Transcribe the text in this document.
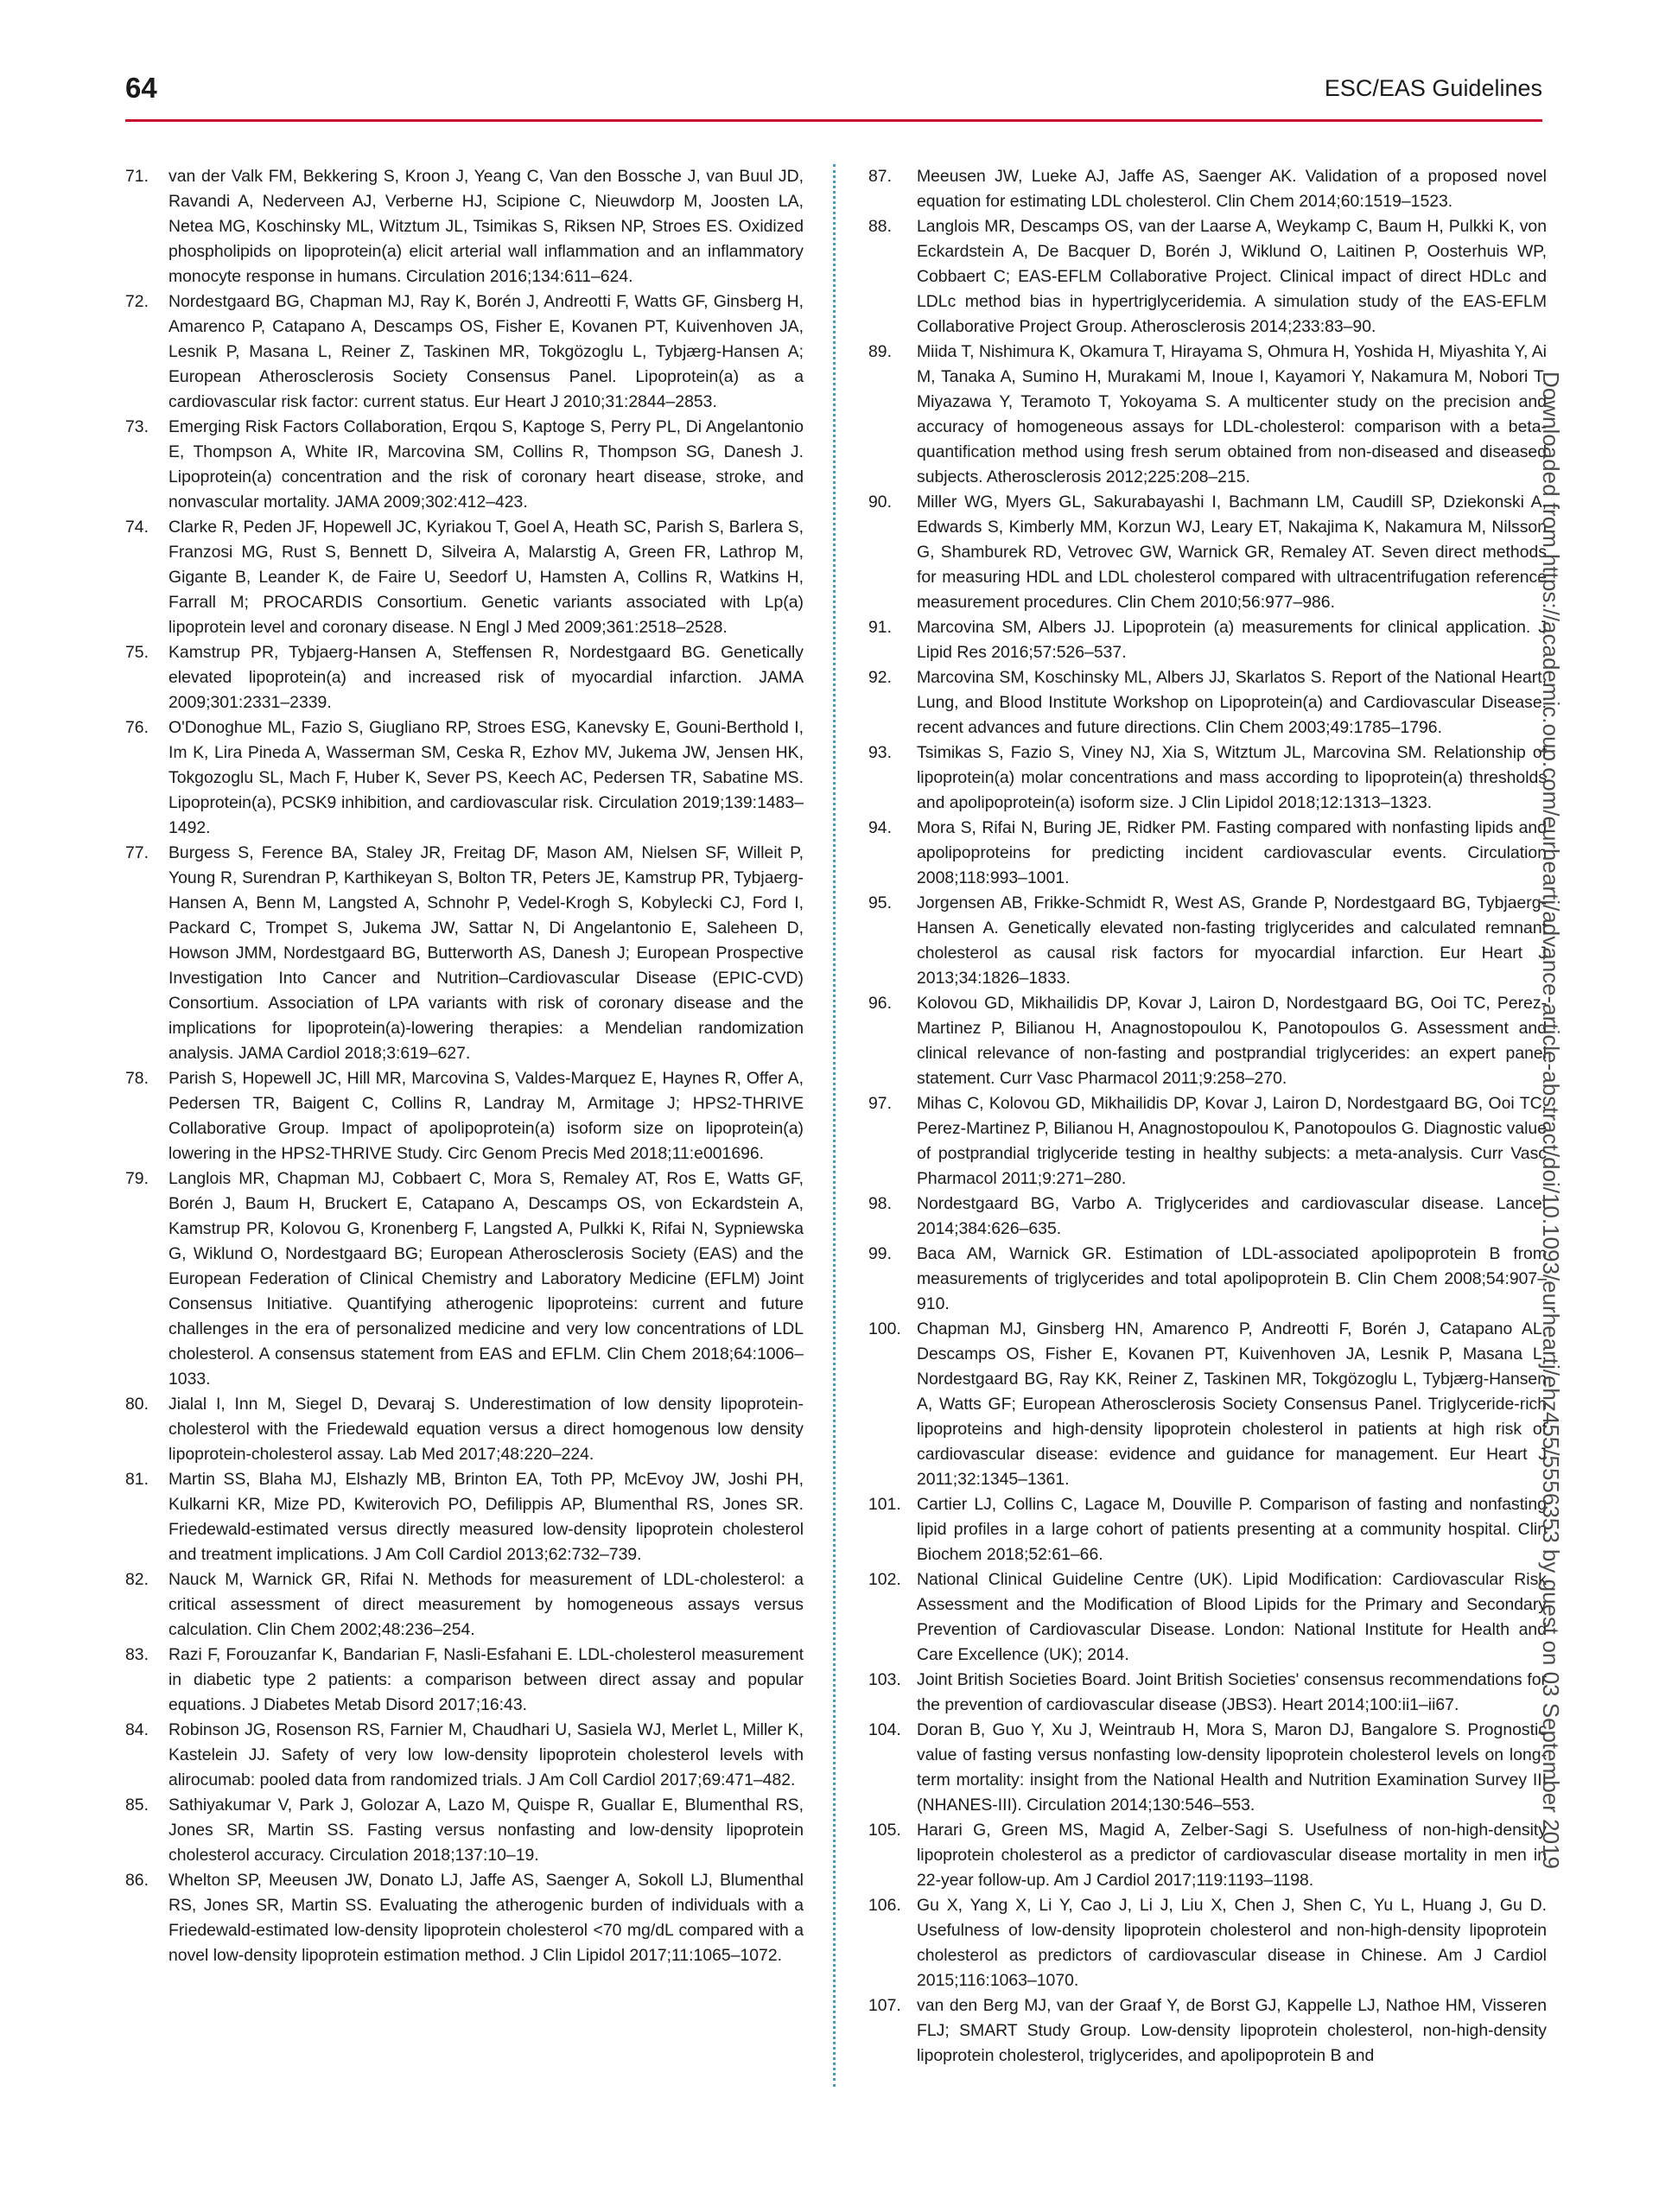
64	ESC/EAS Guidelines
71.	van der Valk FM, Bekkering S, Kroon J, Yeang C, Van den Bossche J, van Buul JD, Ravandi A, Nederveen AJ, Verberne HJ, Scipione C, Nieuwdorp M, Joosten LA, Netea MG, Koschinsky ML, Witztum JL, Tsimikas S, Riksen NP, Stroes ES. Oxidized phospholipids on lipoprotein(a) elicit arterial wall inflammation and an inflammatory monocyte response in humans. Circulation 2016;134:611–624.
72.	Nordestgaard BG, Chapman MJ, Ray K, Borén J, Andreotti F, Watts GF, Ginsberg H, Amarenco P, Catapano A, Descamps OS, Fisher E, Kovanen PT, Kuivenhoven JA, Lesnik P, Masana L, Reiner Z, Taskinen MR, Tokgözoglu L, Tybjærg-Hansen A; European Atherosclerosis Society Consensus Panel. Lipoprotein(a) as a cardiovascular risk factor: current status. Eur Heart J 2010;31:2844–2853.
73.	Emerging Risk Factors Collaboration, Erqou S, Kaptoge S, Perry PL, Di Angelantonio E, Thompson A, White IR, Marcovina SM, Collins R, Thompson SG, Danesh J. Lipoprotein(a) concentration and the risk of coronary heart disease, stroke, and nonvascular mortality. JAMA 2009;302:412–423.
74.	Clarke R, Peden JF, Hopewell JC, Kyriakou T, Goel A, Heath SC, Parish S, Barlera S, Franzosi MG, Rust S, Bennett D, Silveira A, Malarstig A, Green FR, Lathrop M, Gigante B, Leander K, de Faire U, Seedorf U, Hamsten A, Collins R, Watkins H, Farrall M; PROCARDIS Consortium. Genetic variants associated with Lp(a) lipoprotein level and coronary disease. N Engl J Med 2009;361:2518–2528.
75.	Kamstrup PR, Tybjaerg-Hansen A, Steffensen R, Nordestgaard BG. Genetically elevated lipoprotein(a) and increased risk of myocardial infarction. JAMA 2009;301:2331–2339.
76.	O'Donoghue ML, Fazio S, Giugliano RP, Stroes ESG, Kanevsky E, Gouni-Berthold I, Im K, Lira Pineda A, Wasserman SM, Ceska R, Ezhov MV, Jukema JW, Jensen HK, Tokgozoglu SL, Mach F, Huber K, Sever PS, Keech AC, Pedersen TR, Sabatine MS. Lipoprotein(a), PCSK9 inhibition, and cardiovascular risk. Circulation 2019;139:1483–1492.
77.	Burgess S, Ference BA, Staley JR, Freitag DF, Mason AM, Nielsen SF, Willeit P, Young R, Surendran P, Karthikeyan S, Bolton TR, Peters JE, Kamstrup PR, Tybjaerg-Hansen A, Benn M, Langsted A, Schnohr P, Vedel-Krogh S, Kobylecki CJ, Ford I, Packard C, Trompet S, Jukema JW, Sattar N, Di Angelantonio E, Saleheen D, Howson JMM, Nordestgaard BG, Butterworth AS, Danesh J; European Prospective Investigation Into Cancer and Nutrition–Cardiovascular Disease (EPIC-CVD) Consortium. Association of LPA variants with risk of coronary disease and the implications for lipoprotein(a)-lowering therapies: a Mendelian randomization analysis. JAMA Cardiol 2018;3:619–627.
78.	Parish S, Hopewell JC, Hill MR, Marcovina S, Valdes-Marquez E, Haynes R, Offer A, Pedersen TR, Baigent C, Collins R, Landray M, Armitage J; HPS2-THRIVE Collaborative Group. Impact of apolipoprotein(a) isoform size on lipoprotein(a) lowering in the HPS2-THRIVE Study. Circ Genom Precis Med 2018;11:e001696.
79.	Langlois MR, Chapman MJ, Cobbaert C, Mora S, Remaley AT, Ros E, Watts GF, Borén J, Baum H, Bruckert E, Catapano A, Descamps OS, von Eckardstein A, Kamstrup PR, Kolovou G, Kronenberg F, Langsted A, Pulkki K, Rifai N, Sypniewska G, Wiklund O, Nordestgaard BG; European Atherosclerosis Society (EAS) and the European Federation of Clinical Chemistry and Laboratory Medicine (EFLM) Joint Consensus Initiative. Quantifying atherogenic lipoproteins: current and future challenges in the era of personalized medicine and very low concentrations of LDL cholesterol. A consensus statement from EAS and EFLM. Clin Chem 2018;64:1006–1033.
80.	Jialal I, Inn M, Siegel D, Devaraj S. Underestimation of low density lipoprotein-cholesterol with the Friedewald equation versus a direct homogenous low density lipoprotein-cholesterol assay. Lab Med 2017;48:220–224.
81.	Martin SS, Blaha MJ, Elshazly MB, Brinton EA, Toth PP, McEvoy JW, Joshi PH, Kulkarni KR, Mize PD, Kwiterovich PO, Defilippis AP, Blumenthal RS, Jones SR. Friedewald-estimated versus directly measured low-density lipoprotein cholesterol and treatment implications. J Am Coll Cardiol 2013;62:732–739.
82.	Nauck M, Warnick GR, Rifai N. Methods for measurement of LDL-cholesterol: a critical assessment of direct measurement by homogeneous assays versus calculation. Clin Chem 2002;48:236–254.
83.	Razi F, Forouzanfar K, Bandarian F, Nasli-Esfahani E. LDL-cholesterol measurement in diabetic type 2 patients: a comparison between direct assay and popular equations. J Diabetes Metab Disord 2017;16:43.
84.	Robinson JG, Rosenson RS, Farnier M, Chaudhari U, Sasiela WJ, Merlet L, Miller K, Kastelein JJ. Safety of very low low-density lipoprotein cholesterol levels with alirocumab: pooled data from randomized trials. J Am Coll Cardiol 2017;69:471–482.
85.	Sathiyakumar V, Park J, Golozar A, Lazo M, Quispe R, Guallar E, Blumenthal RS, Jones SR, Martin SS. Fasting versus nonfasting and low-density lipoprotein cholesterol accuracy. Circulation 2018;137:10–19.
86.	Whelton SP, Meeusen JW, Donato LJ, Jaffe AS, Saenger A, Sokoll LJ, Blumenthal RS, Jones SR, Martin SS. Evaluating the atherogenic burden of individuals with a Friedewald-estimated low-density lipoprotein cholesterol <70 mg/dL compared with a novel low-density lipoprotein estimation method. J Clin Lipidol 2017;11:1065–1072.
87.	Meeusen JW, Lueke AJ, Jaffe AS, Saenger AK. Validation of a proposed novel equation for estimating LDL cholesterol. Clin Chem 2014;60:1519–1523.
88.	Langlois MR, Descamps OS, van der Laarse A, Weykamp C, Baum H, Pulkki K, von Eckardstein A, De Bacquer D, Borén J, Wiklund O, Laitinen P, Oosterhuis WP, Cobbaert C; EAS-EFLM Collaborative Project. Clinical impact of direct HDLc and LDLc method bias in hypertriglyceridemia. A simulation study of the EAS-EFLM Collaborative Project Group. Atherosclerosis 2014;233:83–90.
89.	Miida T, Nishimura K, Okamura T, Hirayama S, Ohmura H, Yoshida H, Miyashita Y, Ai M, Tanaka A, Sumino H, Murakami M, Inoue I, Kayamori Y, Nakamura M, Nobori T, Miyazawa Y, Teramoto T, Yokoyama S. A multicenter study on the precision and accuracy of homogeneous assays for LDL-cholesterol: comparison with a beta-quantification method using fresh serum obtained from non-diseased and diseased subjects. Atherosclerosis 2012;225:208–215.
90.	Miller WG, Myers GL, Sakurabayashi I, Bachmann LM, Caudill SP, Dziekonski A, Edwards S, Kimberly MM, Korzun WJ, Leary ET, Nakajima K, Nakamura M, Nilsson G, Shamburek RD, Vetrovec GW, Warnick GR, Remaley AT. Seven direct methods for measuring HDL and LDL cholesterol compared with ultracentrifugation reference measurement procedures. Clin Chem 2010;56:977–986.
91.	Marcovina SM, Albers JJ. Lipoprotein (a) measurements for clinical application. J Lipid Res 2016;57:526–537.
92.	Marcovina SM, Koschinsky ML, Albers JJ, Skarlatos S. Report of the National Heart, Lung, and Blood Institute Workshop on Lipoprotein(a) and Cardiovascular Disease: recent advances and future directions. Clin Chem 2003;49:1785–1796.
93.	Tsimikas S, Fazio S, Viney NJ, Xia S, Witztum JL, Marcovina SM. Relationship of lipoprotein(a) molar concentrations and mass according to lipoprotein(a) thresholds and apolipoprotein(a) isoform size. J Clin Lipidol 2018;12:1313–1323.
94.	Mora S, Rifai N, Buring JE, Ridker PM. Fasting compared with nonfasting lipids and apolipoproteins for predicting incident cardiovascular events. Circulation 2008;118:993–1001.
95.	Jorgensen AB, Frikke-Schmidt R, West AS, Grande P, Nordestgaard BG, Tybjaerg-Hansen A. Genetically elevated non-fasting triglycerides and calculated remnant cholesterol as causal risk factors for myocardial infarction. Eur Heart J 2013;34:1826–1833.
96.	Kolovou GD, Mikhailidis DP, Kovar J, Lairon D, Nordestgaard BG, Ooi TC, Perez-Martinez P, Bilianou H, Anagnostopoulou K, Panotopoulos G. Assessment and clinical relevance of non-fasting and postprandial triglycerides: an expert panel statement. Curr Vasc Pharmacol 2011;9:258–270.
97.	Mihas C, Kolovou GD, Mikhailidis DP, Kovar J, Lairon D, Nordestgaard BG, Ooi TC, Perez-Martinez P, Bilianou H, Anagnostopoulou K, Panotopoulos G. Diagnostic value of postprandial triglyceride testing in healthy subjects: a meta-analysis. Curr Vasc Pharmacol 2011;9:271–280.
98.	Nordestgaard BG, Varbo A. Triglycerides and cardiovascular disease. Lancet 2014;384:626–635.
99.	Baca AM, Warnick GR. Estimation of LDL-associated apolipoprotein B from measurements of triglycerides and total apolipoprotein B. Clin Chem 2008;54:907–910.
100. Chapman MJ, Ginsberg HN, Amarenco P, Andreotti F, Borén J, Catapano AL, Descamps OS, Fisher E, Kovanen PT, Kuivenhoven JA, Lesnik P, Masana L, Nordestgaard BG, Ray KK, Reiner Z, Taskinen MR, Tokgözoglu L, Tybjærg-Hansen A, Watts GF; European Atherosclerosis Society Consensus Panel. Triglyceride-rich lipoproteins and high-density lipoprotein cholesterol in patients at high risk of cardiovascular disease: evidence and guidance for management. Eur Heart J 2011;32:1345–1361.
101. Cartier LJ, Collins C, Lagace M, Douville P. Comparison of fasting and nonfasting lipid profiles in a large cohort of patients presenting at a community hospital. Clin Biochem 2018;52:61–66.
102. National Clinical Guideline Centre (UK). Lipid Modification: Cardiovascular Risk Assessment and the Modification of Blood Lipids for the Primary and Secondary Prevention of Cardiovascular Disease. London: National Institute for Health and Care Excellence (UK); 2014.
103. Joint British Societies Board. Joint British Societies' consensus recommendations for the prevention of cardiovascular disease (JBS3). Heart 2014;100:ii1–ii67.
104. Doran B, Guo Y, Xu J, Weintraub H, Mora S, Maron DJ, Bangalore S. Prognostic value of fasting versus nonfasting low-density lipoprotein cholesterol levels on long-term mortality: insight from the National Health and Nutrition Examination Survey III (NHANES-III). Circulation 2014;130:546–553.
105. Harari G, Green MS, Magid A, Zelber-Sagi S. Usefulness of non-high-density lipoprotein cholesterol as a predictor of cardiovascular disease mortality in men in 22-year follow-up. Am J Cardiol 2017;119:1193–1198.
106. Gu X, Yang X, Li Y, Cao J, Li J, Liu X, Chen J, Shen C, Yu L, Huang J, Gu D. Usefulness of low-density lipoprotein cholesterol and non-high-density lipoprotein cholesterol as predictors of cardiovascular disease in Chinese. Am J Cardiol 2015;116:1063–1070.
107. van den Berg MJ, van der Graaf Y, de Borst GJ, Kappelle LJ, Nathoe HM, Visseren FLJ; SMART Study Group. Low-density lipoprotein cholesterol, non-high-density lipoprotein cholesterol, triglycerides, and apolipoprotein B and
Downloaded from https://academic.oup.com/eurheartj/advance-article-abstract/doi/10.1093/eurheartj/ehz455/5556353 by guest on 03 September 2019
